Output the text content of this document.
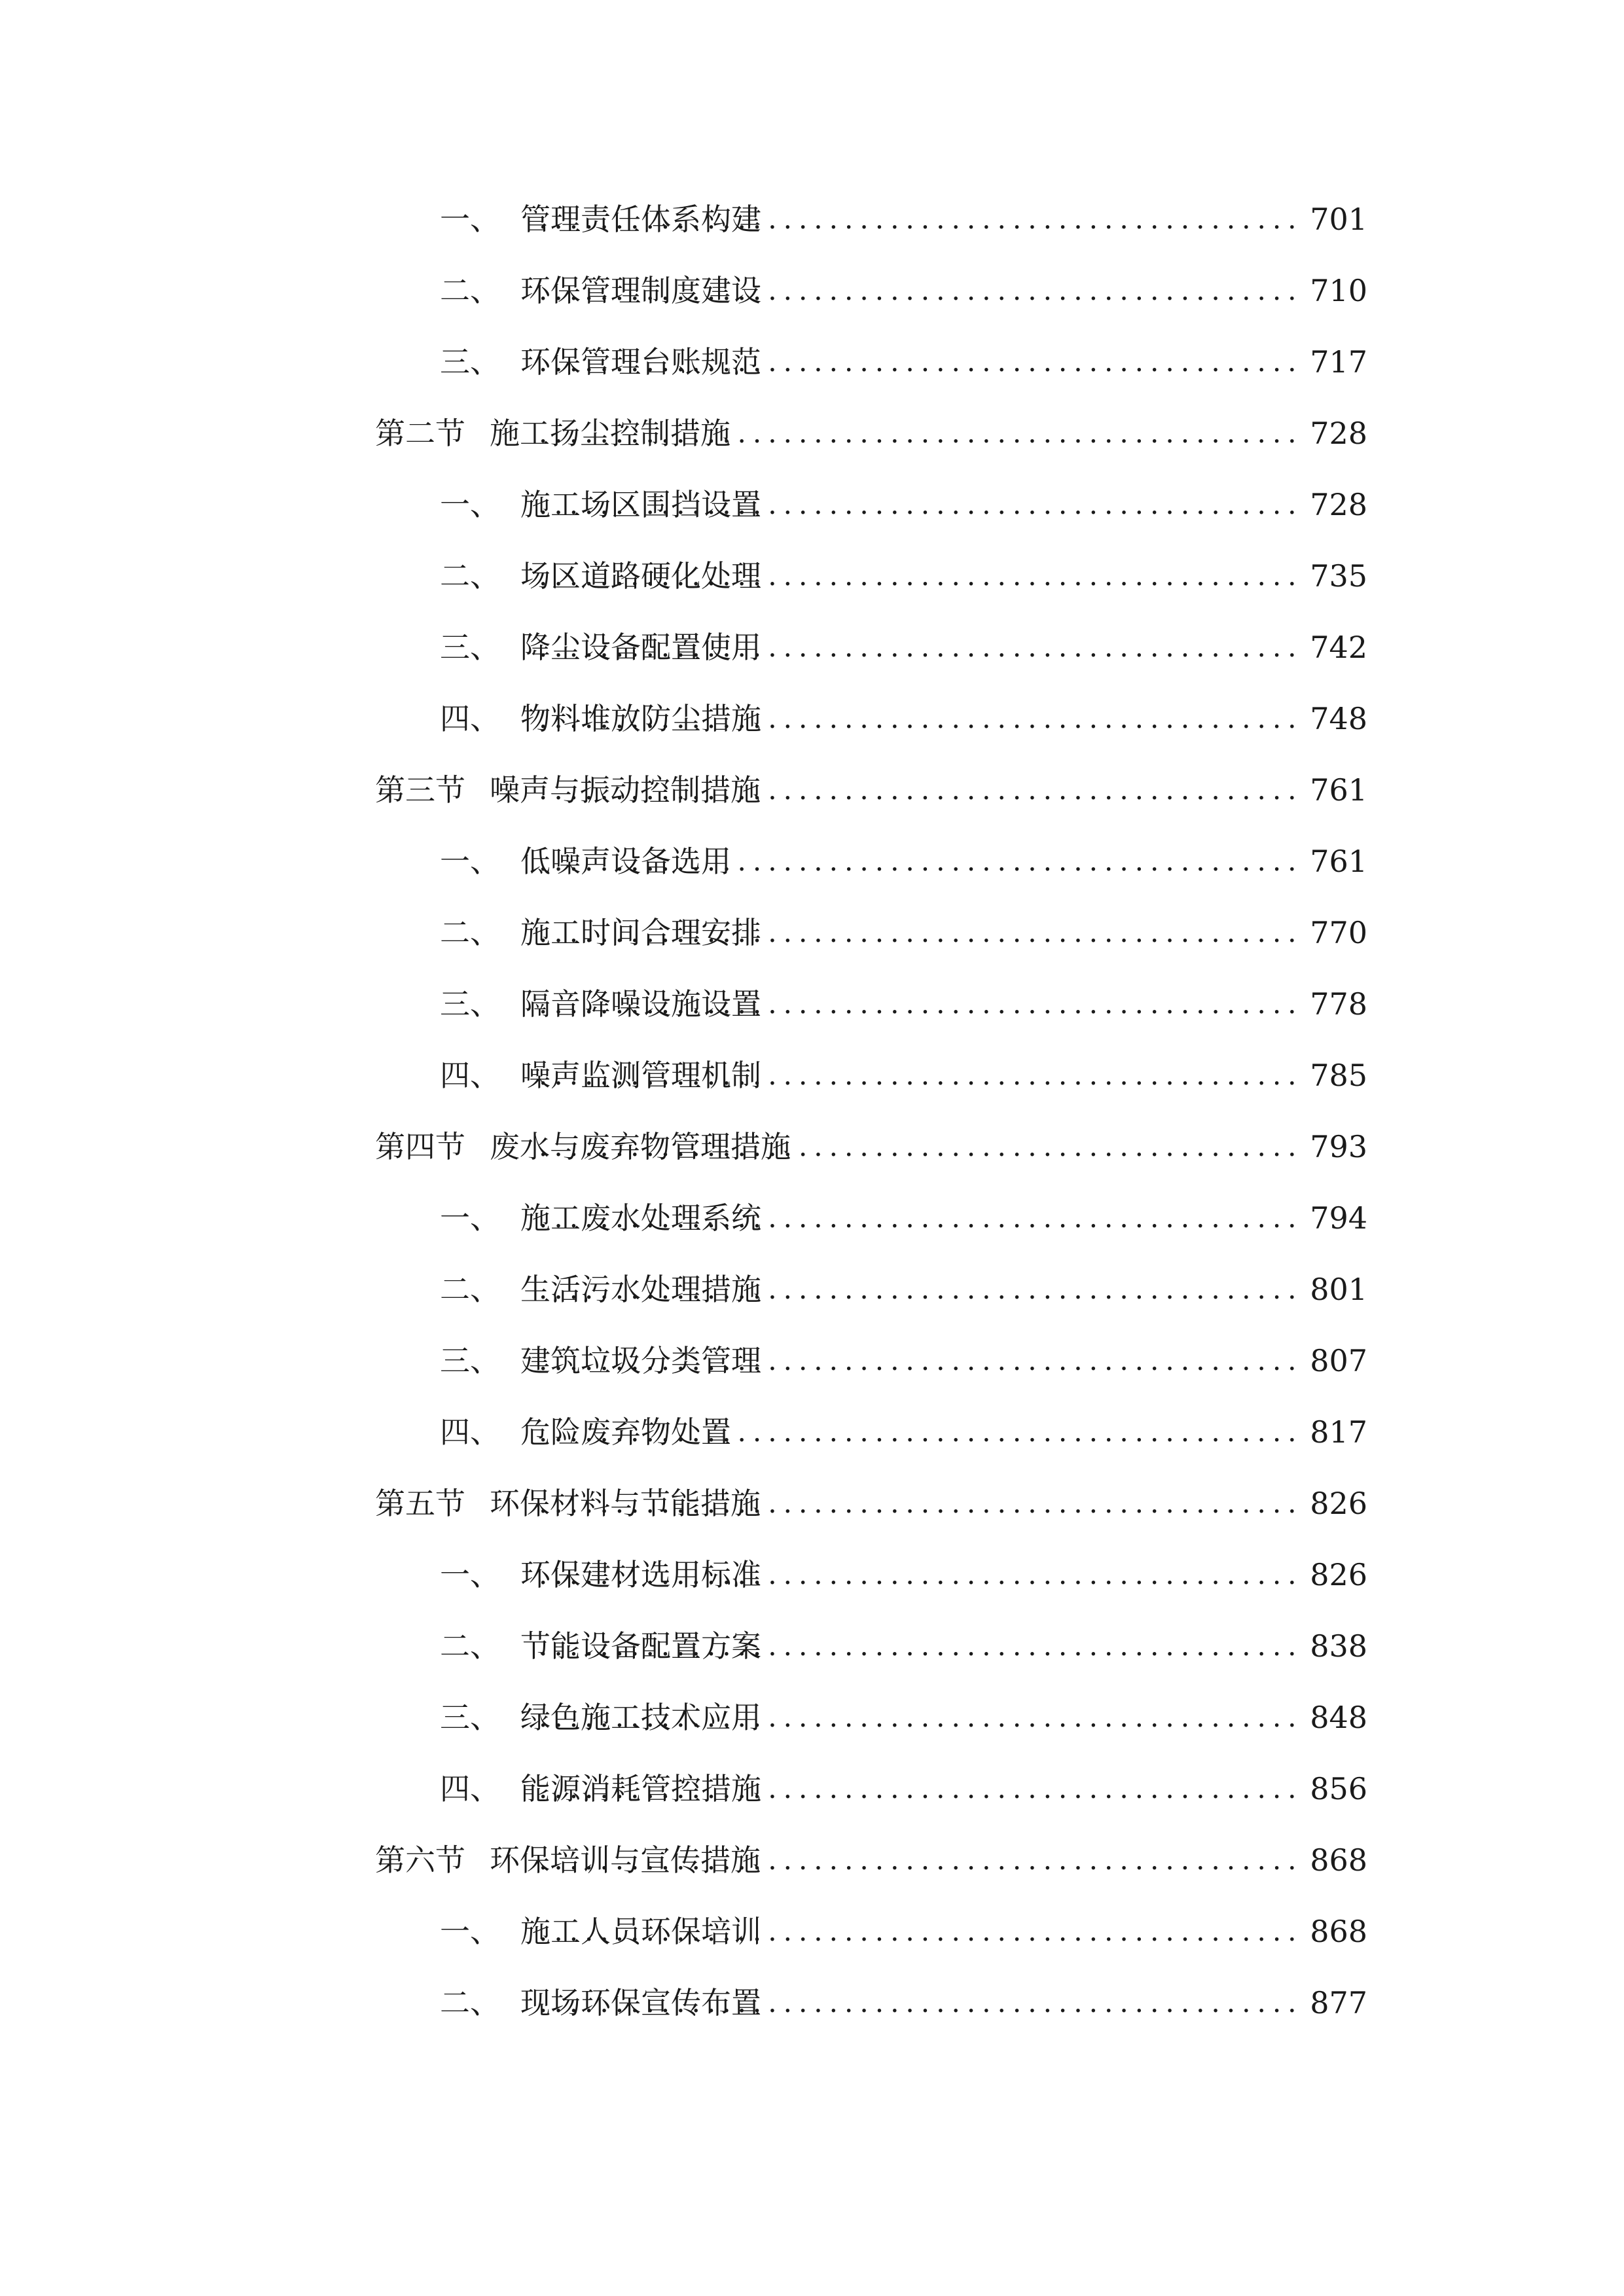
一、 管理责任体系构建 .....	701
二、 环保管理制度建设 .....	710
三、 环保管理台账规范 .....	717
第二节 施工扬尘控制措施 .....	728
一、 施工场区围挡设置 .....	728
二、 场区道路硬化处理 .....	735
三、 降尘设备配置使用 .....	742
四、 物料堆放防尘措施 .....	748
第三节 噪声与振动控制措施 .....	761
一、 低噪声设备选用 .....	761
二、 施工时间合理安排 .....	770
三、 隔音降噪设施设置 .....	778
四、 噪声监测管理机制 .....	785
第四节 废水与废弃物管理措施 .....	793
一、 施工废水处理系统 .....	794
二、 生活污水处理措施 .....	801
三、 建筑垃圾分类管理 .....	807
四、 危险废弃物处置 .....	817
第五节 环保材料与节能措施 .....	826
一、 环保建材选用标准 .....	826
二、 节能设备配置方案 .....	838
三、 绿色施工技术应用 .....	848
四、 能源消耗管控措施 .....	856
第六节 环保培训与宣传措施 .....	868
一、 施工人员环保培训 .....	868
二、 现场环保宣传布置 .....	877
